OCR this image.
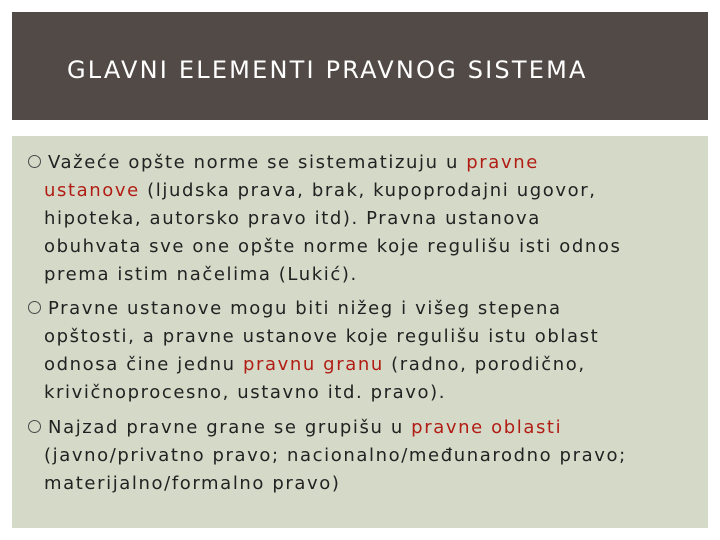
GLAVNI ELEMENTI PRAVNOG SISTEMA
Važeće opšte norme se sistematizuju u pravne
ustanove (ljudska prava, brak, kupoprodajni ugovor,
hipoteka, autorsko pravo itd). Pravna ustanova
obuhvata sve one opšte norme koje regulišu isti odnos
prema istim načelima (Lukić).
Pravne ustanove mogu biti nižeg i višeg stepena
opštosti, a pravne ustanove koje regulišu istu oblast
odnosa čine jednu pravnu granu (radno, porodično,
krivičnoprocesno, ustavno itd. pravo).
Najzad pravne grane se grupišu u pravne oblasti
(javno/privatno pravo; nacionalno/međunarodno pravo;
materijalno/formalno pravo)
